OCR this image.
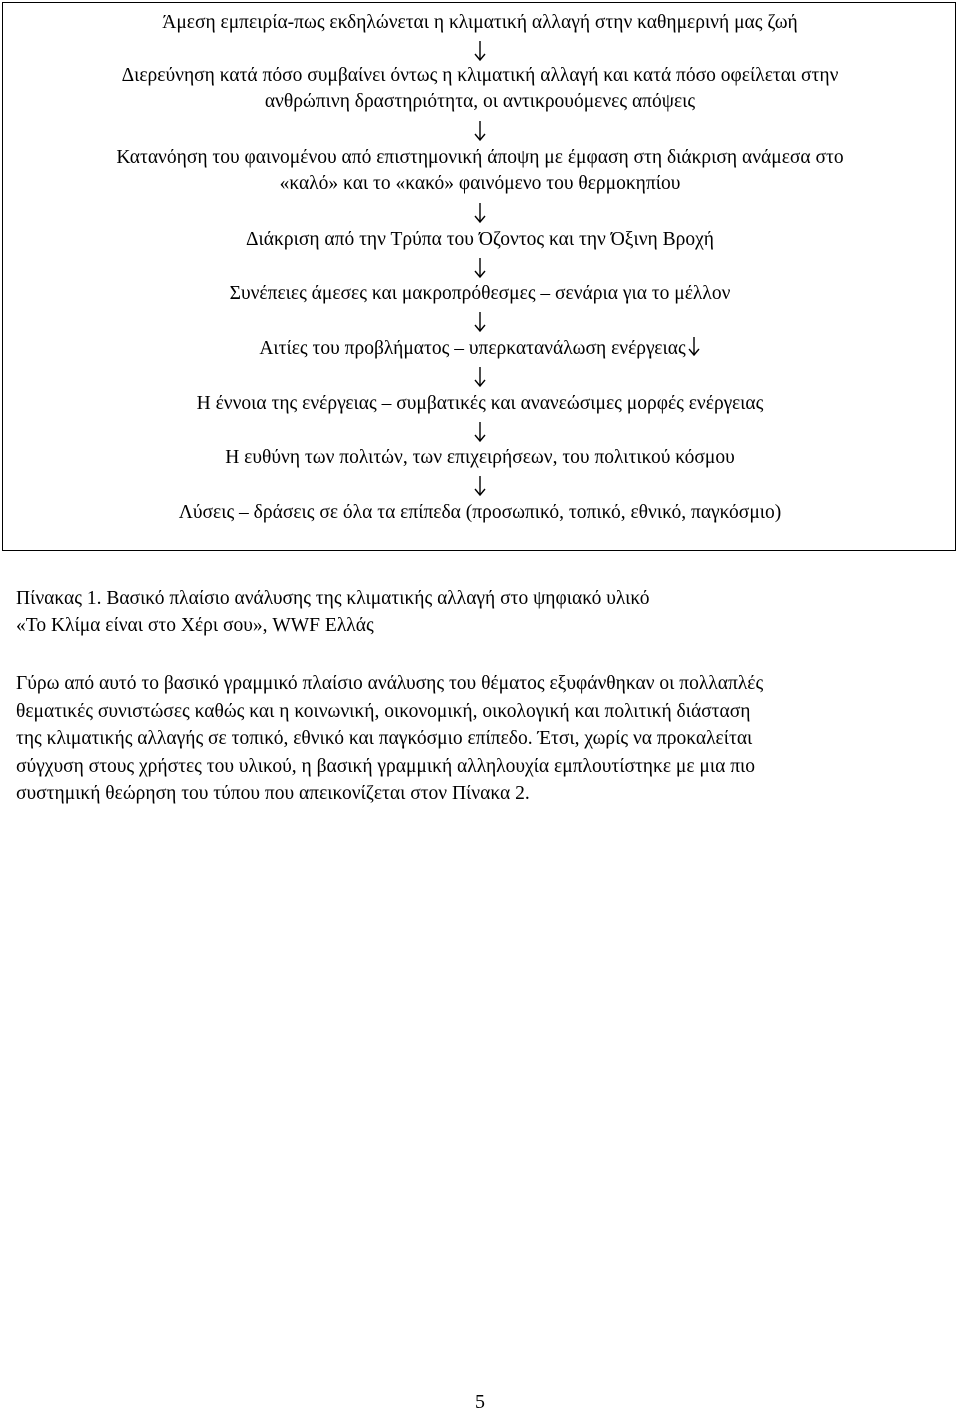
Άμεση εμπειρία-πως εκδηλώνεται η κλιματική αλλαγή στην καθημερινή μας ζωή
Διερεύνηση κατά πόσο συμβαίνει όντως η κλιματική αλλαγή και κατά πόσο οφείλεται στην
ανθρώπινη δραστηριότητα, οι αντικρουόμενες απόψεις
Κατανόηση του φαινομένου από επιστημονική άποψη με έμφαση στη διάκριση ανάμεσα στο
«καλό» και το «κακό» φαινόμενο του θερμοκηπίου
Διάκριση από την Τρύπα του Όζοντος και την Όξινη Βροχή
Συνέπειες άμεσες και μακροπρόθεσμες – σενάρια για το μέλλον
Αιτίες του προβλήματος – υπερκατανάλωση ενέργειας
Η έννοια της ενέργειας – συμβατικές και ανανεώσιμες μορφές ενέργειας
Η ευθύνη των πολιτών, των επιχειρήσεων, του πολιτικού κόσμου
Λύσεις – δράσεις σε όλα τα επίπεδα (προσωπικό, τοπικό, εθνικό, παγκόσμιο)

Πίνακας 1. Βασικό πλαίσιο ανάλυσης της κλιματικής αλλαγή στο ψηφιακό υλικό

«Το Κλίμα είναι στο Χέρι σου», WWF Ελλάς

Γύρω από αυτό το βασικό γραμμικό πλαίσιο ανάλυσης του θέματος εξυφάνθηκαν οι πολλαπλές

θεματικές συνιστώσες καθώς και η κοινωνική, οικονομική, οικολογική και πολιτική διάσταση

της κλιματικής αλλαγής σε τοπικό, εθνικό και παγκόσμιο επίπεδο. Έτσι, χωρίς να προκαλείται

σύγχυση στους χρήστες του υλικού, η βασική γραμμική αλληλουχία εμπλουτίστηκε με μια πιο

συστημική θεώρηση του τύπου που απεικονίζεται στον Πίνακα 2.

5
